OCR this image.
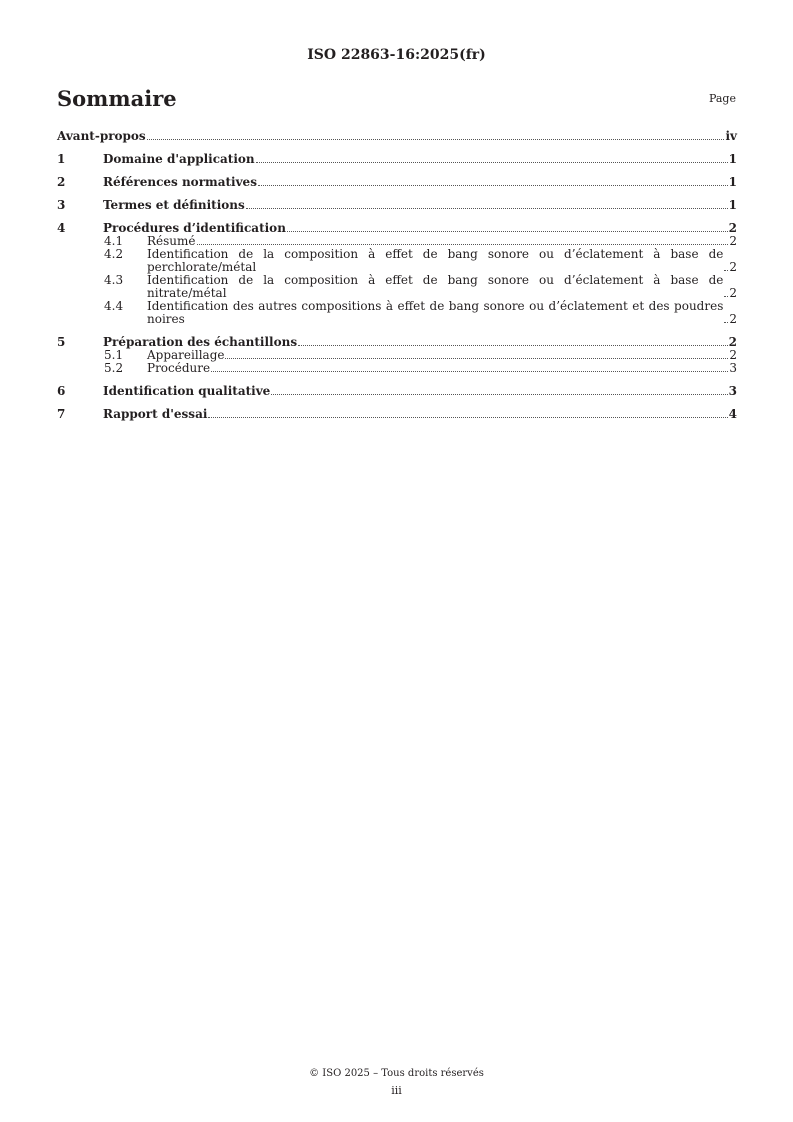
ISO 22863-16:2025(fr)
Sommaire	Page
Avant-propos	iv
1	Domaine d'application	1
2	Références normatives	1
3	Termes et définitions	1
4	Procédures d’identification	2
4.1 Résumé	2
4.2 Identification de la composition à effet de bang sonore ou d’éclatement à base de perchlorate/métal	2
4.3 Identification de la composition à effet de bang sonore ou d’éclatement à base de nitrate/métal	2
4.4 Identification des autres compositions à effet de bang sonore ou d’éclatement et des poudres noires	2
5	Préparation des échantillons	2
5.1 Appareillage	2
5.2 Procédure	3
6	Identification qualitative	3
7	Rapport d'essai	4
© ISO 2025 – Tous droits réservés
iii
